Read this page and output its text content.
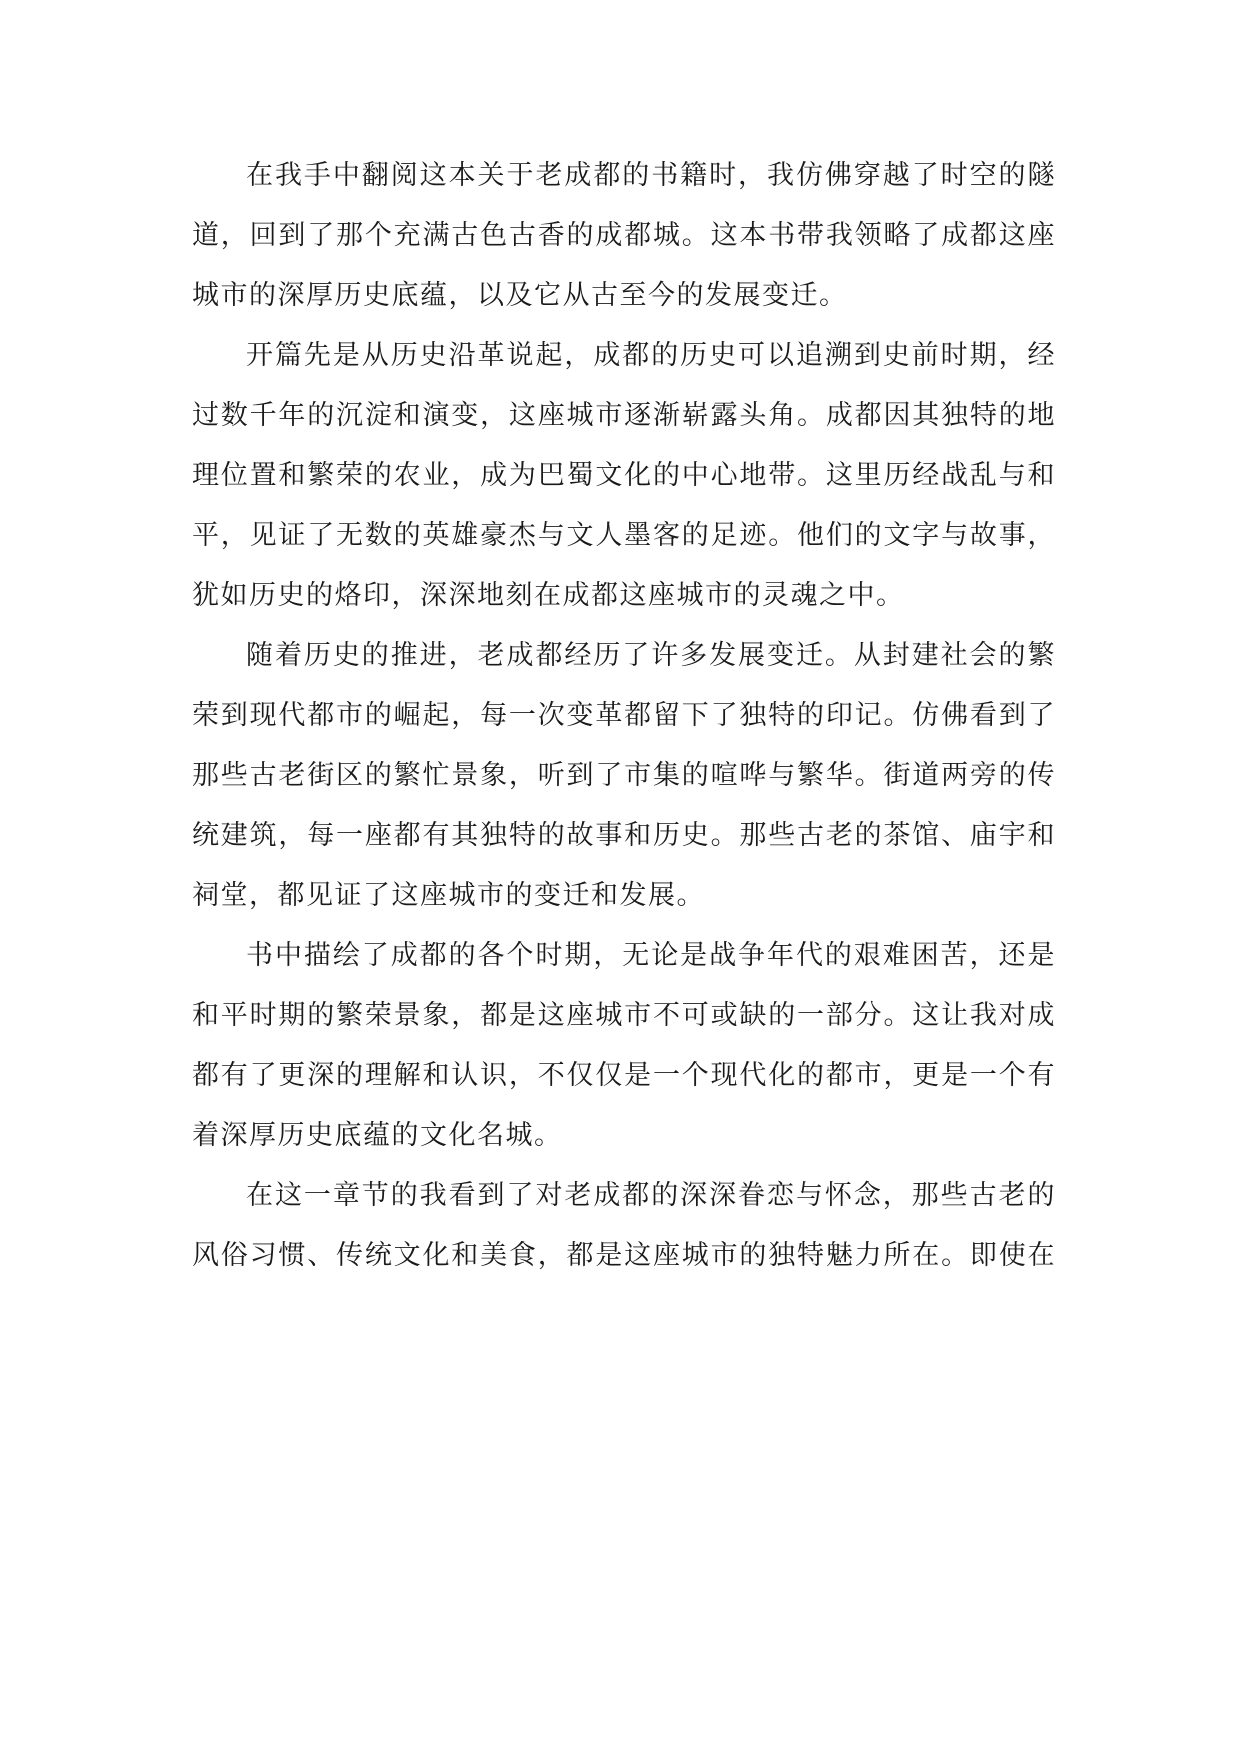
在我手中翻阅这本关于老成都的书籍时，我仿佛穿越了时空的隧
道，回到了那个充满古色古香的成都城。这本书带我领略了成都这座
城市的深厚历史底蕴，以及它从古至今的发展变迁。

开篇先是从历史沿革说起，成都的历史可以追溯到史前时期，经
过数千年的沉淀和演变，这座城市逐渐崭露头角。成都因其独特的地
理位置和繁荣的农业，成为巴蜀文化的中心地带。这里历经战乱与和
平，见证了无数的英雄豪杰与文人墨客的足迹。他们的文字与故事，
犹如历史的烙印，深深地刻在成都这座城市的灵魂之中。

随着历史的推进，老成都经历了许多发展变迁。从封建社会的繁
荣到现代都市的崛起，每一次变革都留下了独特的印记。仿佛看到了
那些古老街区的繁忙景象，听到了市集的喧哗与繁华。街道两旁的传
统建筑，每一座都有其独特的故事和历史。那些古老的茶馆、庙宇和
祠堂，都见证了这座城市的变迁和发展。

书中描绘了成都的各个时期，无论是战争年代的艰难困苦，还是
和平时期的繁荣景象，都是这座城市不可或缺的一部分。这让我对成
都有了更深的理解和认识，不仅仅是一个现代化的都市，更是一个有
着深厚历史底蕴的文化名城。

在这一章节的我看到了对老成都的深深眷恋与怀念，那些古老的
风俗习惯、传统文化和美食，都是这座城市的独特魅力所在。即使在
